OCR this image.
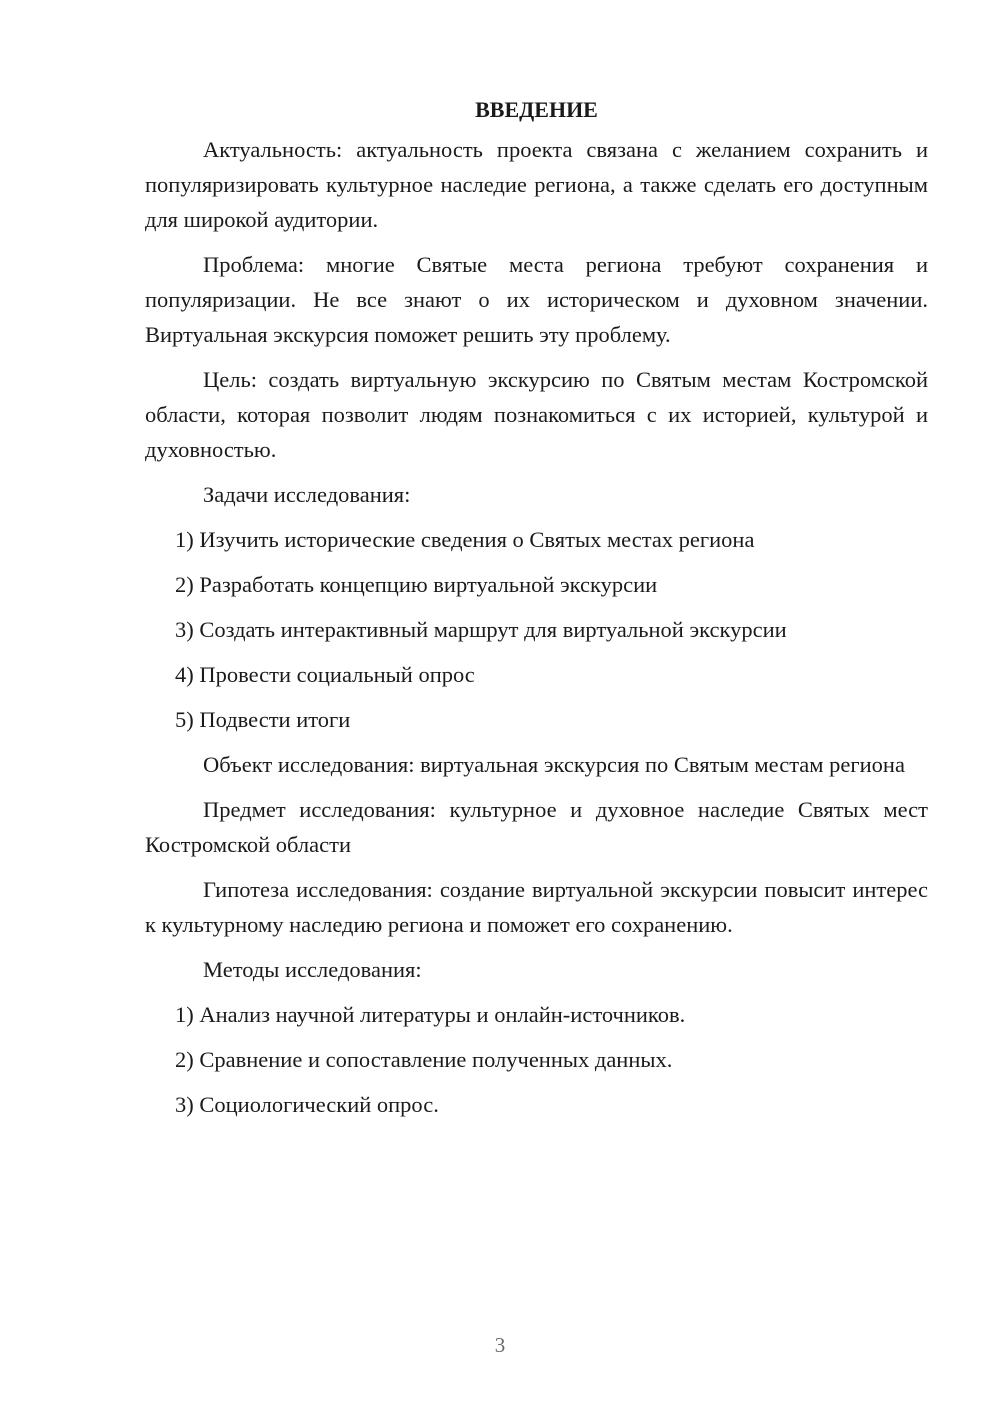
ВВЕДЕНИЕ

Актуальность: актуальность проекта связана с желанием сохранить и популяризировать культурное наследие региона, а также сделать его доступным для широкой аудитории.

Проблема: многие Святые места региона требуют сохранения и популяризации. Не все знают о их историческом и духовном значении. Виртуальная экскурсия поможет решить эту проблему.

Цель: создать виртуальную экскурсию по Святым местам Костромской области, которая позволит людям познакомиться с их историей, культурой и духовностью.

Задачи исследования:

1) Изучить исторические сведения о Святых местах региона
2) Разработать концепцию виртуальной экскурсии
3) Создать интерактивный маршрут для виртуальной экскурсии
4) Провести социальный опрос
5) Подвести итоги

Объект исследования: виртуальная экскурсия по Святым местам региона

Предмет исследования: культурное и духовное наследие Святых мест Костромской области

Гипотеза исследования: создание виртуальной экскурсии повысит интерес к культурному наследию региона и поможет его сохранению.

Методы исследования:

1) Анализ научной литературы и онлайн-источников.
2) Сравнение и сопоставление полученных данных.
3) Социологический опрос.
3
